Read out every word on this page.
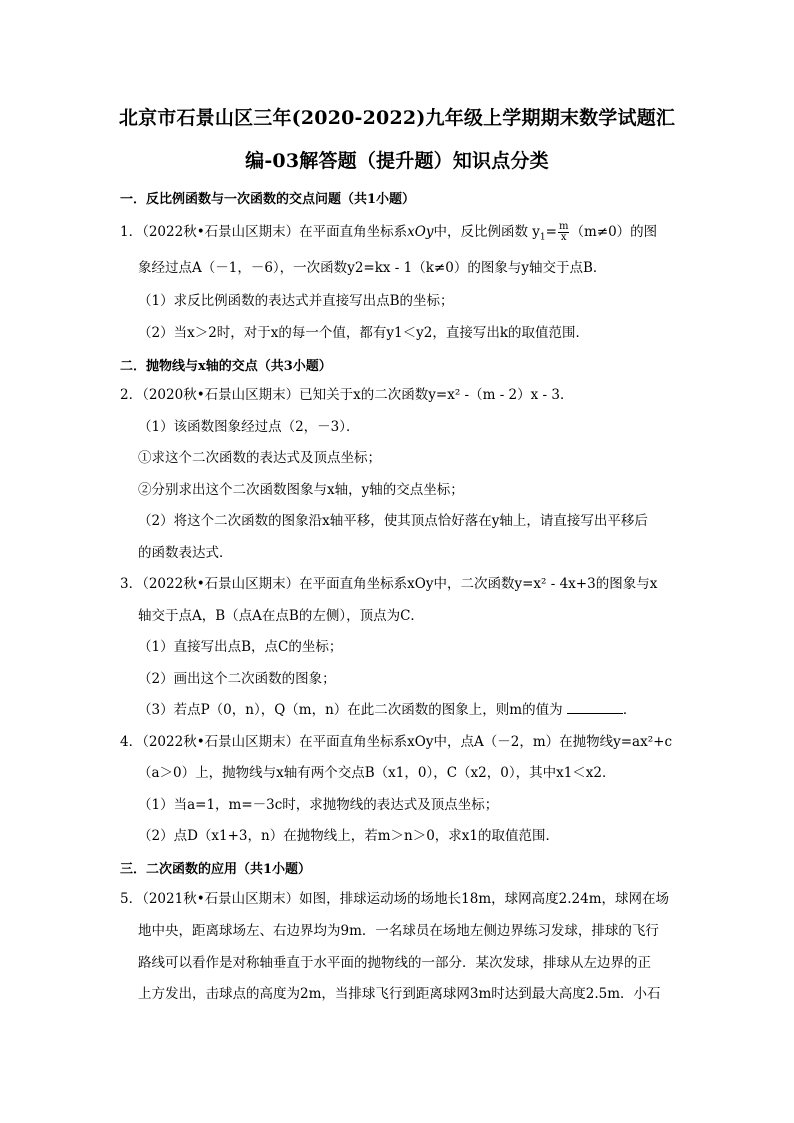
北京市石景山区三年(2020-2022)九年级上学期期末数学试题汇
编-03解答题（提升题）知识点分类
一．反比例函数与一次函数的交点问题（共1小题）
1．（2022秋•石景山区期末）在平面直角坐标系xOy中，反比例函数 $y_1= \frac{m}{x} (m\ne 0)$的图
象经过点A（－1，－6），一次函数y2=kx - 1（k≠0）的图象与y轴交于点B．
（1）求反比例函数的表达式并直接写出点B的坐标；
（2）当x＞2时，对于x的每一个值，都有y1＜y2，直接写出k的取值范围．
二．抛物线与x轴的交点（共3小题）
2．（2020秋•石景山区期末）已知关于x的二次函数y=x² -（m - 2）x - 3．
（1）该函数图象经过点（2，－3）．
①求这个二次函数的表达式及顶点坐标；
②分别求出这个二次函数图象与x轴，y轴的交点坐标；
（2）将这个二次函数的图象沿x轴平移，使其顶点恰好落在y轴上，请直接写出平移后
的函数表达式．
3．（2022秋•石景山区期末）在平面直角坐标系xOy中，二次函数y=x² - 4x+3的图象与x
轴交于点A，B（点A在点B的左侧），顶点为C．
（1）直接写出点B，点C的坐标；
（2）画出这个二次函数的图象；
（3）若点P（0，n），Q（m，n）在此二次函数的图象上，则m的值为	．
4．（2022秋•石景山区期末）在平面直角坐标系xOy中，点A（－2，m）在抛物线y=ax²+c
（a＞0）上，抛物线与x轴有两个交点B（x1，0），C（x2，0），其中x1＜x2．
（1）当a=1，m=－3c时，求抛物线的表达式及顶点坐标；
（2）点D（x1+3，n）在抛物线上，若m＞n＞0，求x1的取值范围．
三．二次函数的应用（共1小题）
5．（2021秋•石景山区期末）如图，排球运动场的场地长18m，球网高度2.24m，球网在场
地中央，距离球场左、右边界均为9m．一名球员在场地左侧边界练习发球，排球的飞行
路线可以看作是对称轴垂直于水平面的抛物线的一部分．某次发球，排球从左边界的正
上方发出，击球点的高度为2m，当排球飞行到距离球网3m时达到最大高度2.5m．小石
